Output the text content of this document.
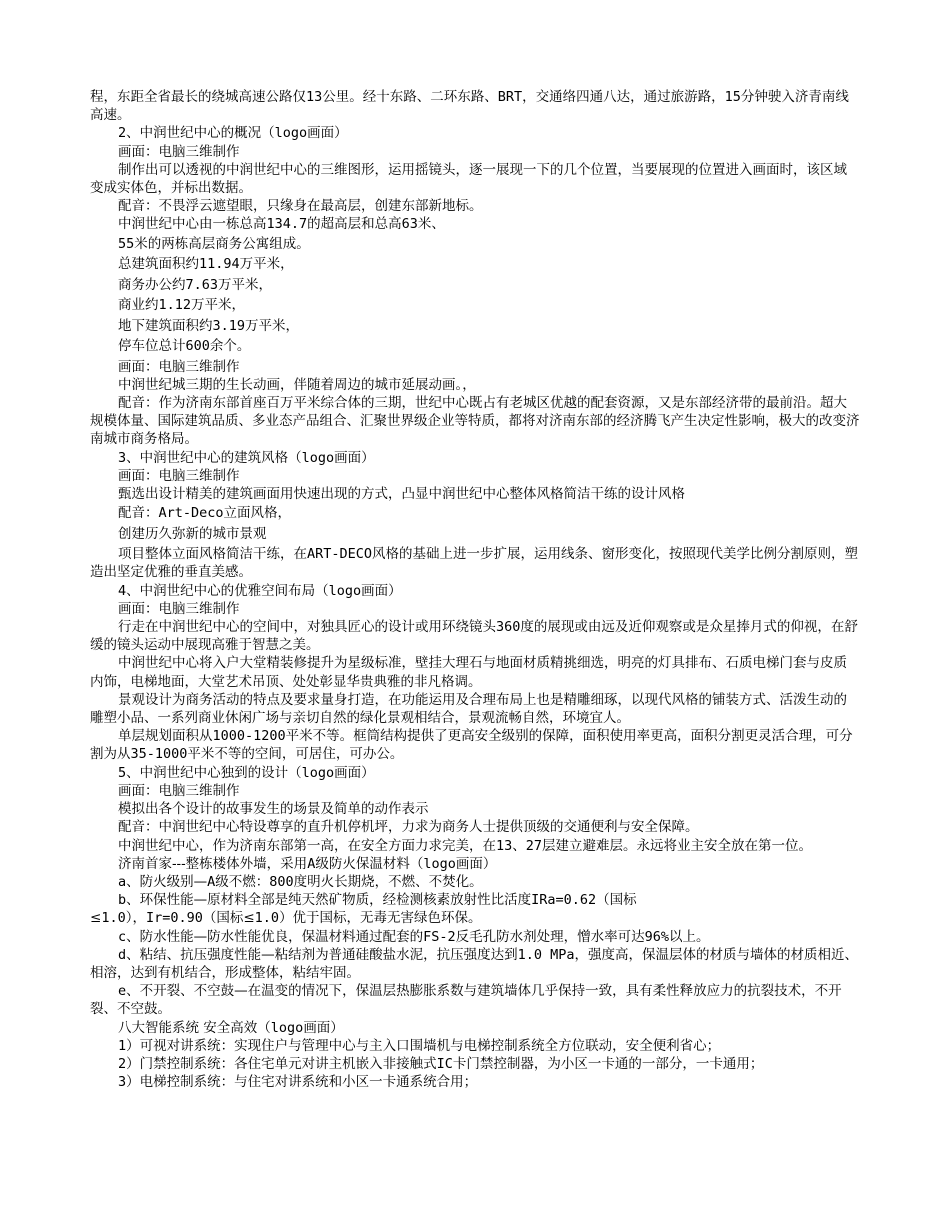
程，东距全省最长的绕城高速公路仅13公里。经十东路、二环东路、BRT，交通络四通八达，通过旅游路，15分钟驶入济青南线高速。

2、中润世纪中心的概况（logo画面）

画面：电脑三维制作

制作出可以透视的中润世纪中心的三维图形，运用摇镜头，逐一展现一下的几个位置，当要展现的位置进入画面时，该区域变成实体色，并标出数据。

配音：不畏浮云遮望眼，只缘身在最高层，创建东部新地标。

中润世纪中心由一栋总高134.7的超高层和总高63米、

55米的两栋高层商务公寓组成。

总建筑面积约11.94万平米，

商务办公约7.63万平米，

商业约1.12万平米，

地下建筑面积约3.19万平米，

停车位总计600余个。

画面：电脑三维制作

中润世纪城三期的生长动画，伴随着周边的城市延展动画。，

配音：作为济南东部首座百万平米综合体的三期，世纪中心既占有老城区优越的配套资源，又是东部经济带的最前沿。超大规模体量、国际建筑品质、多业态产品组合、汇聚世界级企业等特质，都将对济南东部的经济腾飞产生决定性影响，极大的改变济南城市商务格局。

3、中润世纪中心的建筑风格（logo画面）

画面：电脑三维制作

甄选出设计精美的建筑画面用快速出现的方式，凸显中润世纪中心整体风格简洁干练的设计风格

配音：Art-Deco立面风格，

创建历久弥新的城市景观

项目整体立面风格简洁干练，在ART-DECO风格的基础上进一步扩展，运用线条、窗形变化，按照现代美学比例分割原则，塑造出坚定优雅的垂直美感。

4、中润世纪中心的优雅空间布局（logo画面）

画面：电脑三维制作

行走在中润世纪中心的空间中，对独具匠心的设计或用环绕镜头360度的展现或由远及近仰观察或是众星捧月式的仰视，在舒缓的镜头运动中展现高雅于智慧之美。

中润世纪中心将入户大堂精装修提升为星级标准，壁挂大理石与地面材质精挑细选，明亮的灯具排布、石质电梯门套与皮质内饰，电梯地面，大堂艺术吊顶、处处彰显华贵典雅的非凡格调。

景观设计为商务活动的特点及要求量身打造，在功能运用及合理布局上也是精雕细琢，以现代风格的铺装方式、活泼生动的雕塑小品、一系列商业休闲广场与亲切自然的绿化景观相结合，景观流畅自然，环境宜人。

单层规划面积从1000-1200平米不等。框筒结构提供了更高安全级别的保障，面积使用率更高，面积分割更灵活合理，可分割为从35-1000平米不等的空间，可居住，可办公。

5、中润世纪中心独到的设计（logo画面）

画面：电脑三维制作

模拟出各个设计的故事发生的场景及简单的动作表示

配音：中润世纪中心特设尊享的直升机停机坪，力求为商务人士提供顶级的交通便利与安全保障。

中润世纪中心，作为济南东部第一高，在安全方面力求完美，在13、27层建立避难层。永远将业主安全放在第一位。

济南首家---整栋楼体外墙，采用A级防火保温材料（logo画面）

a、防火级别—A级不燃：800度明火长期烧，不燃、不焚化。

b、环保性能—原材料全部是纯天然矿物质，经检测核素放射性比活度IRa=0.62（国标

≤1.0），Ir=0.90（国标≤1.0）优于国标，无毒无害绿色环保。

c、防水性能—防水性能优良，保温材料通过配套的FS-2反毛孔防水剂处理，憎水率可达96%以上。

d、粘结、抗压强度性能—粘结剂为普通硅酸盐水泥，抗压强度达到1.0 MPa，强度高，保温层体的材质与墙体的材质相近、相溶，达到有机结合，形成整体，粘结牢固。

e、不开裂、不空鼓—在温变的情况下，保温层热膨胀系数与建筑墙体几乎保持一致，具有柔性释放应力的抗裂技术，不开裂、不空鼓。

八大智能系统 安全高效（logo画面）

1）可视对讲系统：实现住户与管理中心与主入口围墙机与电梯控制系统全方位联动，安全便利省心；

2）门禁控制系统：各住宅单元对讲主机嵌入非接触式IC卡门禁控制器，为小区一卡通的一部分，一卡通用；

3）电梯控制系统：与住宅对讲系统和小区一卡通系统合用；
